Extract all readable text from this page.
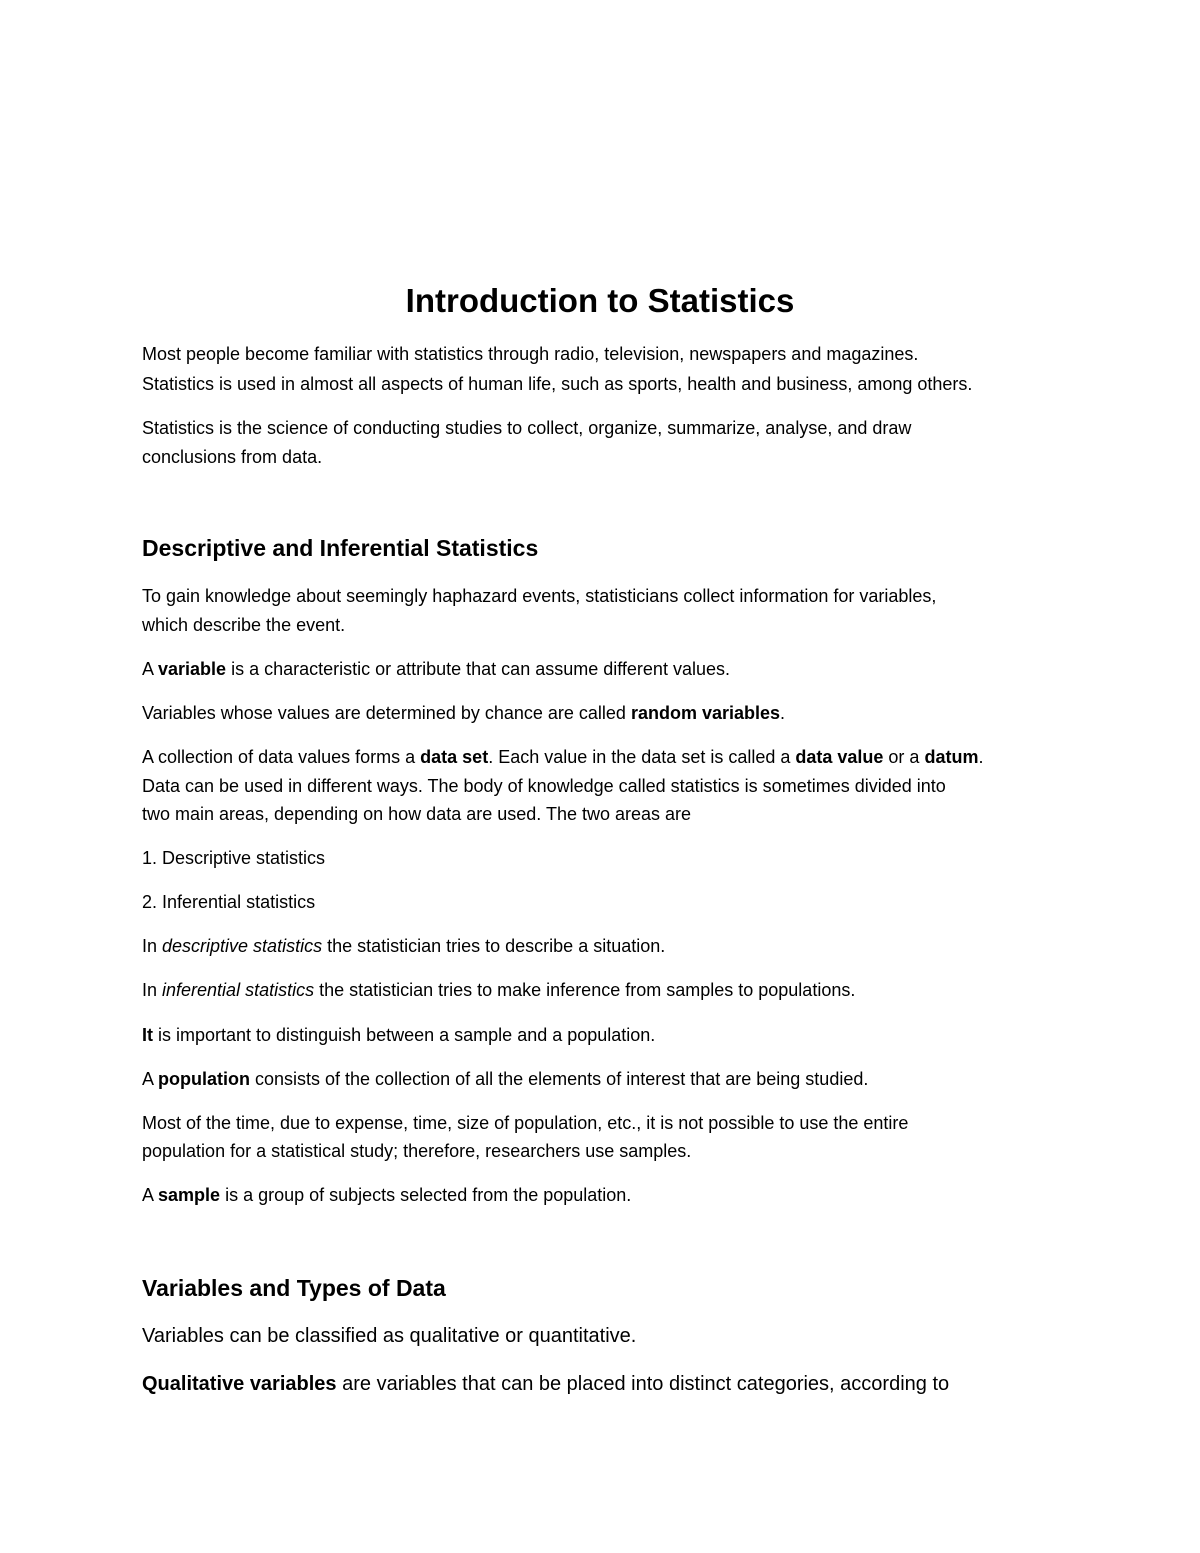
Introduction to Statistics
Most people become familiar with statistics through radio, television, newspapers and magazines.
Statistics is used in almost all aspects of human life, such as sports, health and business, among others.
Statistics is the science of conducting studies to collect, organize, summarize, analyse, and draw
conclusions from data.
Descriptive and Inferential Statistics
To gain knowledge about seemingly haphazard events, statisticians collect information for variables,
which describe the event.
A variable is a characteristic or attribute that can assume different values.
Variables whose values are determined by chance are called random variables.
A collection of data values forms a data set. Each value in the data set is called a data value or a datum.
Data can be used in different ways. The body of knowledge called statistics is sometimes divided into
two main areas, depending on how data are used. The two areas are
1. Descriptive statistics
2. Inferential statistics
In descriptive statistics the statistician tries to describe a situation.
In inferential statistics the statistician tries to make inference from samples to populations.
It is important to distinguish between a sample and a population.
A population consists of the collection of all the elements of interest that are being studied.
Most of the time, due to expense, time, size of population, etc., it is not possible to use the entire
population for a statistical study; therefore, researchers use samples.
A sample is a group of subjects selected from the population.
Variables and Types of Data
Variables can be classified as qualitative or quantitative.
Qualitative variables are variables that can be placed into distinct categories, according to
